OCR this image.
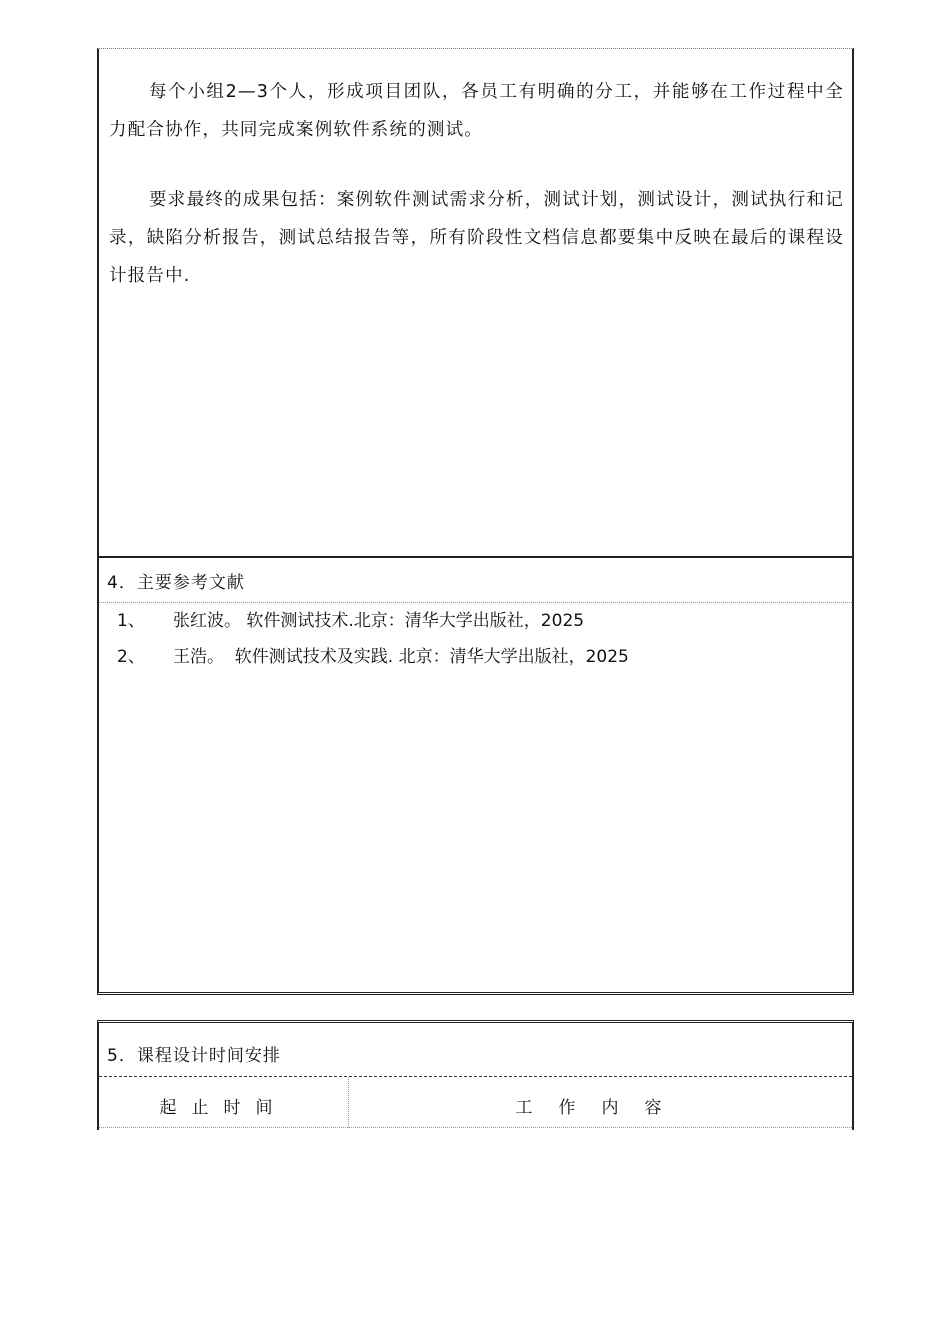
每个小组2—3个人，形成项目团队，各员工有明确的分工，并能够在工作过程中全力配合协作，共同完成案例软件系统的测试。

要求最终的成果包括：案例软件测试需求分析，测试计划，测试设计，测试执行和记录，缺陷分析报告，测试总结报告等，所有阶段性文档信息都要集中反映在最后的课程设计报告中.

4．主要参考文献
1、 张红波。 软件测试技术.北京：清华大学出版社，2025
2、 王浩。  软件测试技术及实践. 北京：清华大学出版社，2025
5．课程设计时间安排
起止时间	工作内容
